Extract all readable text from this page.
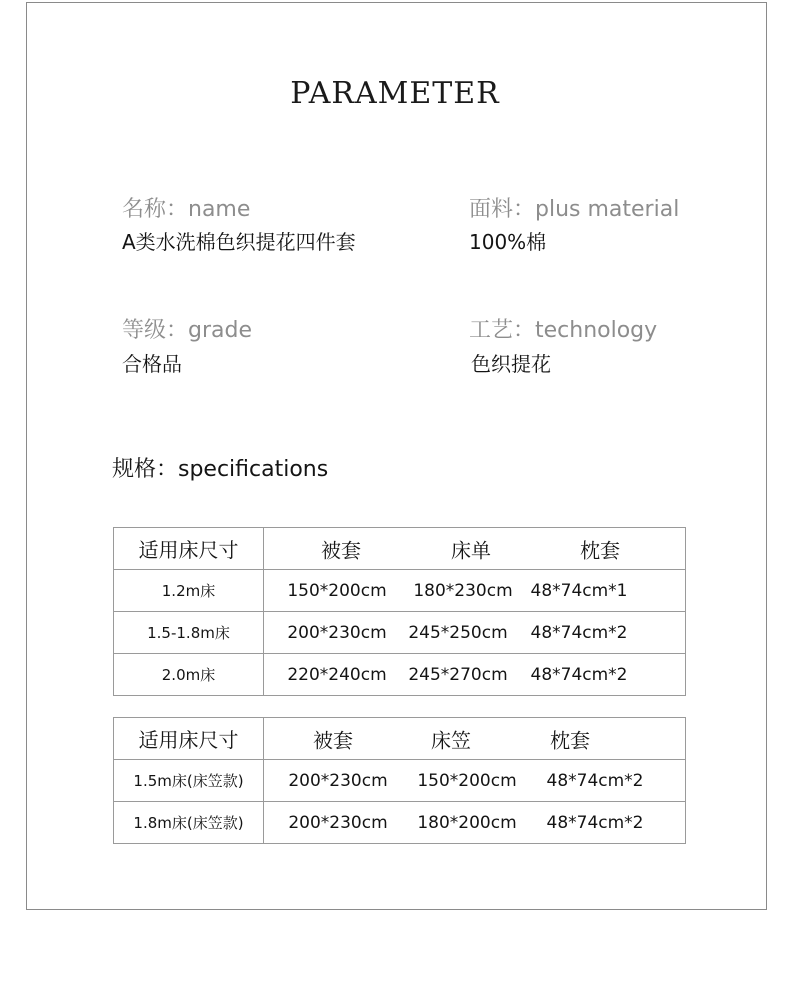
PARAMETER
名称：name
A类水洗棉色织提花四件套
面料：plus material
100%棉
等级：grade
合格品
工艺：technology
色织提花
规格：specifications
适用床尺寸	被套 床单 枕套

1.2m床	150*200cm 180*230cm 48*74cm*1

1.5-1.8m床	200*230cm 245*250cm 48*74cm*2

2.0m床	220*240cm 245*270cm 48*74cm*2
适用床尺寸	被套 床笠 枕套

1.5m床(床笠款)	200*230cm 150*200cm 48*74cm*2

1.8m床(床笠款)	200*230cm 180*200cm 48*74cm*2
